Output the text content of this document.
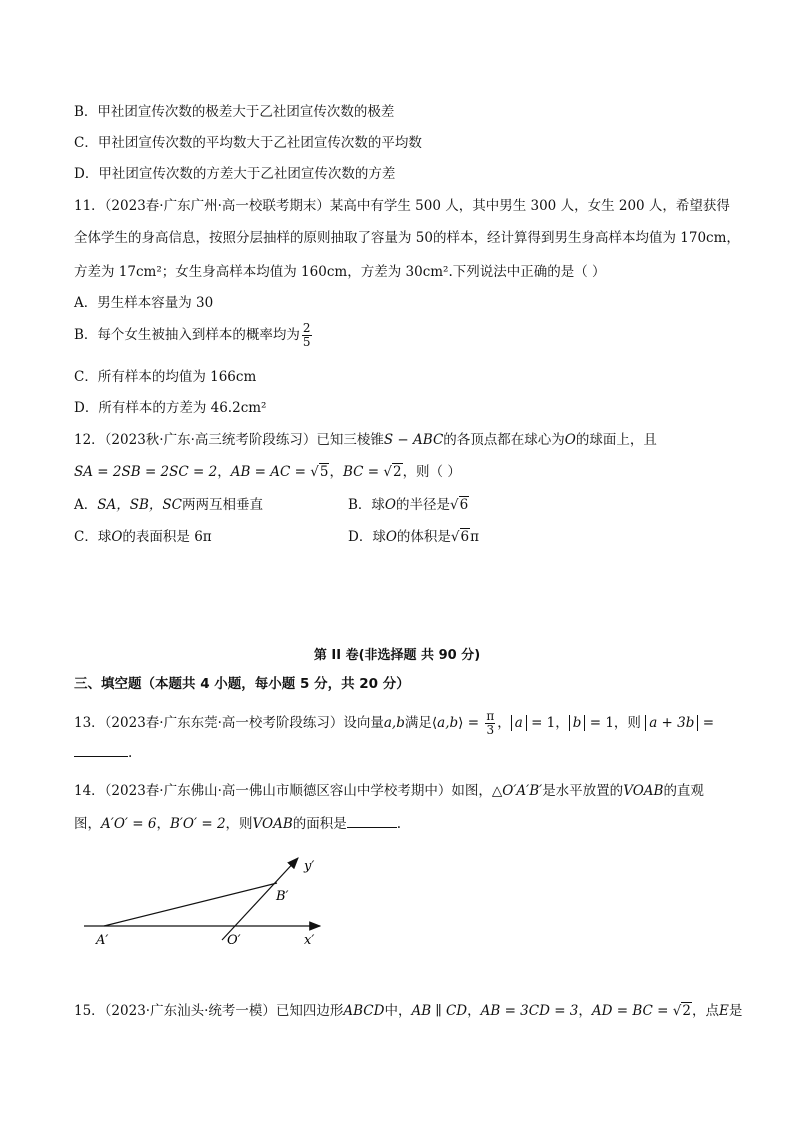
B．甲社团宣传次数的极差大于乙社团宣传次数的极差
C．甲社团宣传次数的平均数大于乙社团宣传次数的平均数
D．甲社团宣传次数的方差大于乙社团宣传次数的方差
11．（2023春·广东广州·高一校联考期末）某高中有学生 500 人，其中男生 300 人，女生 200 人，希望获得
全体学生的身高信息，按照分层抽样的原则抽取了容量为 50的样本，经计算得到男生身高样本均值为 170cm，
方差为 17cm²；女生身高样本均值为 160cm，方差为 30cm².下列说法中正确的是（ ）
A．男生样本容量为 30
B．每个女生被抽入到样本的概率均为 $\frac{2}{5}$
C．所有样本的均值为 166cm
D．所有样本的方差为 46.2cm²
12．（2023秋·广东·高三统考阶段练习）已知三棱锥S − ABC的各顶点都在球心为O的球面上，且
SA = 2SB = 2SC = 2，AB = AC = √5，BC = √2，则（ ）
A．SA，SB，SC两两互相垂直	B．球O的半径是√6
C．球O的表面积是 6π	D．球O的体积是√6π
第 II 卷(非选择题 共 90 分)
三、填空题（本题共 4 小题，每小题 5 分，共 20 分）
13．（2023春·广东东莞·高一校考阶段练习）设向量a,b满足⟨a,b⟩ = $\frac{\pi}{3}$ ， a = 1， b = 1，则 a + 3b =
.
14．（2023春·广东佛山·高一佛山市顺德区容山中学校考期中）如图，△O′A′B′是水平放置的VOAB的直观
图，A′O′ = 6，B′O′ = 2，则VOAB的面积是	.
y′
B′
A′	O′	x′
15．（2023·广东汕头·统考一模）已知四边形ABCD中，AB ∥ CD，AB = 3CD = 3，AD = BC = √2，点E是
